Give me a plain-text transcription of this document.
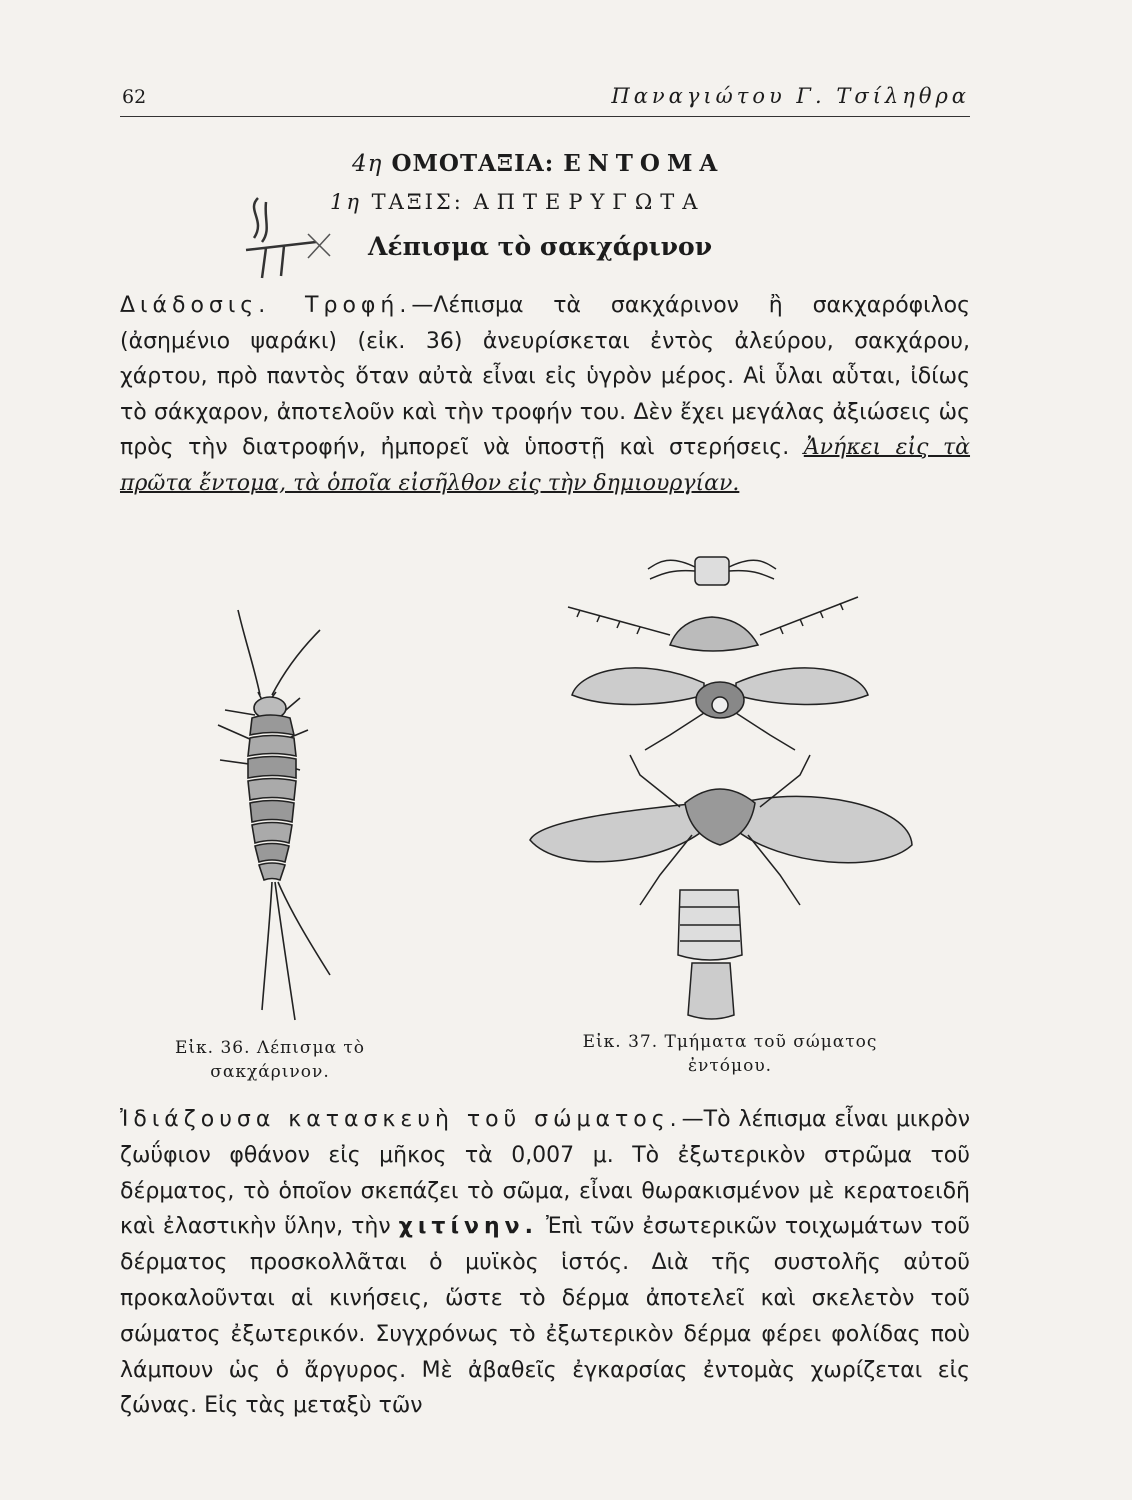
62	Παναγιώτου Γ. Τσίληθρα
4η ΟΜΟΤΑΞΙΑ: ΕΝΤΟΜΑ
1η ΤΑΞΙΣ: ΑΠΤΕΡΥΓΩΤΑ
Λέπισμα τὸ σακχάρινον
Διάδοσις. Τροφή.—Λέπισμα τὰ σακχάρινον ἢ σακχαρόφιλος (ἀσημένιο ψαράκι) (εἰκ. 36) ἀνευρίσκεται ἐντὸς ἀλεύρου, σακχάρου, χάρτου, πρὸ παντὸς ὅταν αὐτὰ εἶναι εἰς ὑγρὸν μέρος. Αἱ ὗλαι αὗται, ἰδίως τὸ σάκχαρον, ἀποτελοῦν καὶ τὴν τροφήν του. Δὲν ἔχει μεγάλας ἀξιώσεις ὡς πρὸς τὴν διατροφήν, ἠμπορεῖ νὰ ὑποστῇ καὶ στερήσεις. Ἀνήκει εἰς τὰ πρῶτα ἔντομα, τὰ ὁποῖα εἰσῆλθον εἰς τὴν δημιουργίαν.
Εἰκ. 36. Λέπισμα τὸ
σακχάρινον.
Εἰκ. 37. Τμήματα τοῦ σώματος
ἐντόμου.
Ἰδιάζουσα κατασκευὴ τοῦ σώματος.—Τὸ λέπισμα εἶναι μικρὸν ζωΰφιον φθάνον εἰς μῆκος τὰ 0,007 μ. Τὸ ἐξωτερικὸν στρῶμα τοῦ δέρματος, τὸ ὁποῖον σκεπάζει τὸ σῶμα, εἶναι θωρακισμένον μὲ κερατοειδῆ καὶ ἐλαστικὴν ὕλην, τὴν χιτίνην. Ἐπὶ τῶν ἐσωτερικῶν τοιχωμάτων τοῦ δέρματος προσκολλᾶται ὁ μυϊκὸς ἱστός. Διὰ τῆς συστολῆς αὐτοῦ προκαλοῦνται αἱ κινήσεις, ὥστε τὸ δέρμα ἀποτελεῖ καὶ σκελετὸν τοῦ σώματος ἐξωτερικόν. Συγχρόνως τὸ ἐξωτερικὸν δέρμα φέρει φολίδας ποὺ λάμπουν ὡς ὁ ἄργυρος. Μὲ ἀβαθεῖς ἐγκαρσίας ἐντομὰς χωρίζεται εἰς ζώνας. Εἰς τὰς μεταξὺ τῶν
